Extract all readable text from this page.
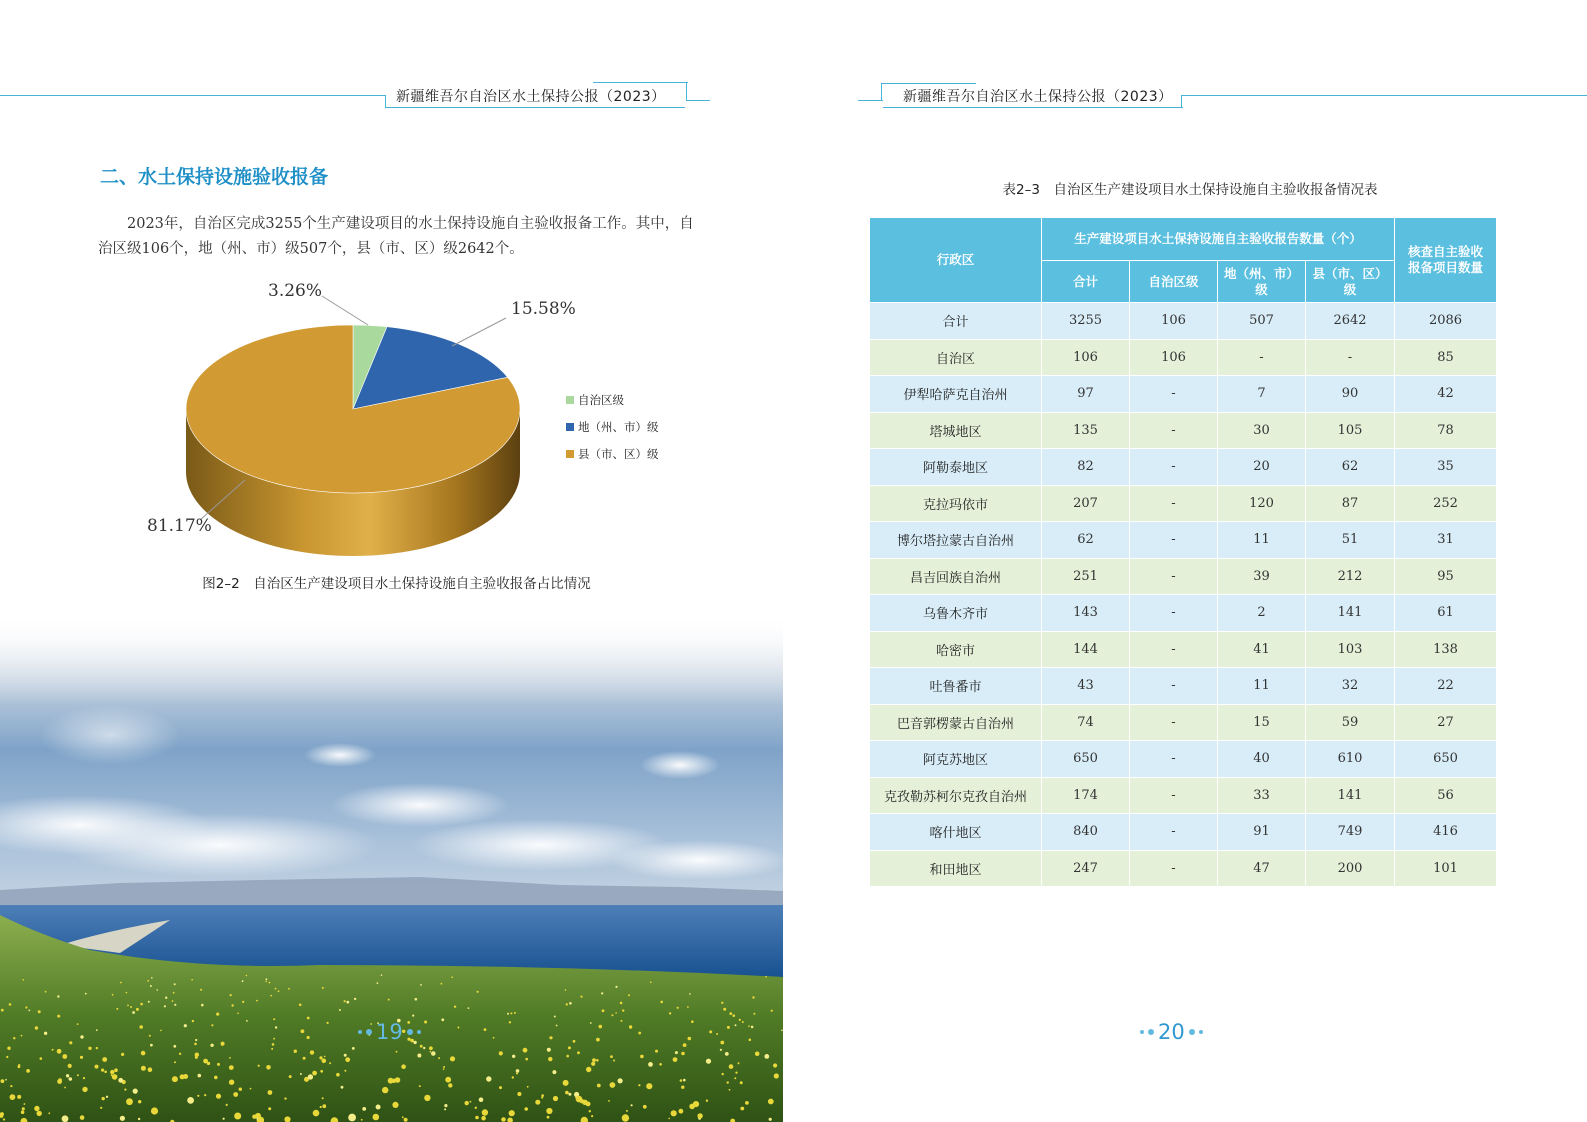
新疆维吾尔自治区水土保持公报（2023）
二、水土保持设施验收报备
2023年，自治区完成3255个生产建设项目的水土保持设施自主验收报备工作。其中，自治区级106个，地（州、市）级507个，县（市、区）级2642个。
3.26%
15.58%
81.17%
自治区级
地（州、市）级
县（市、区）级
图2–2　自治区生产建设项目水土保持设施自主验收报备占比情况
19
新疆维吾尔自治区水土保持公报（2023）
表2–3　自治区生产建设项目水土保持设施自主验收报备情况表
行政区	生产建设项目水土保持设施自主验收报告数量（个）				核查自主验收报备项目数量
	合计	自治区级	地（州、市）级	县（市、区）级	
合计	3255	106	507	2642	2086
自治区	106	106	-	-	85
伊犁哈萨克自治州	97	-	7	90	42
塔城地区	135	-	30	105	78
阿勒泰地区	82	-	20	62	35
克拉玛依市	207	-	120	87	252
博尔塔拉蒙古自治州	62	-	11	51	31
昌吉回族自治州	251	-	39	212	95
乌鲁木齐市	143	-	2	141	61
哈密市	144	-	41	103	138
吐鲁番市	43	-	11	32	22
巴音郭楞蒙古自治州	74	-	15	59	27
阿克苏地区	650	-	40	610	650
克孜勒苏柯尔克孜自治州	174	-	33	141	56
喀什地区	840	-	91	749	416
和田地区	247	-	47	200	101
20
